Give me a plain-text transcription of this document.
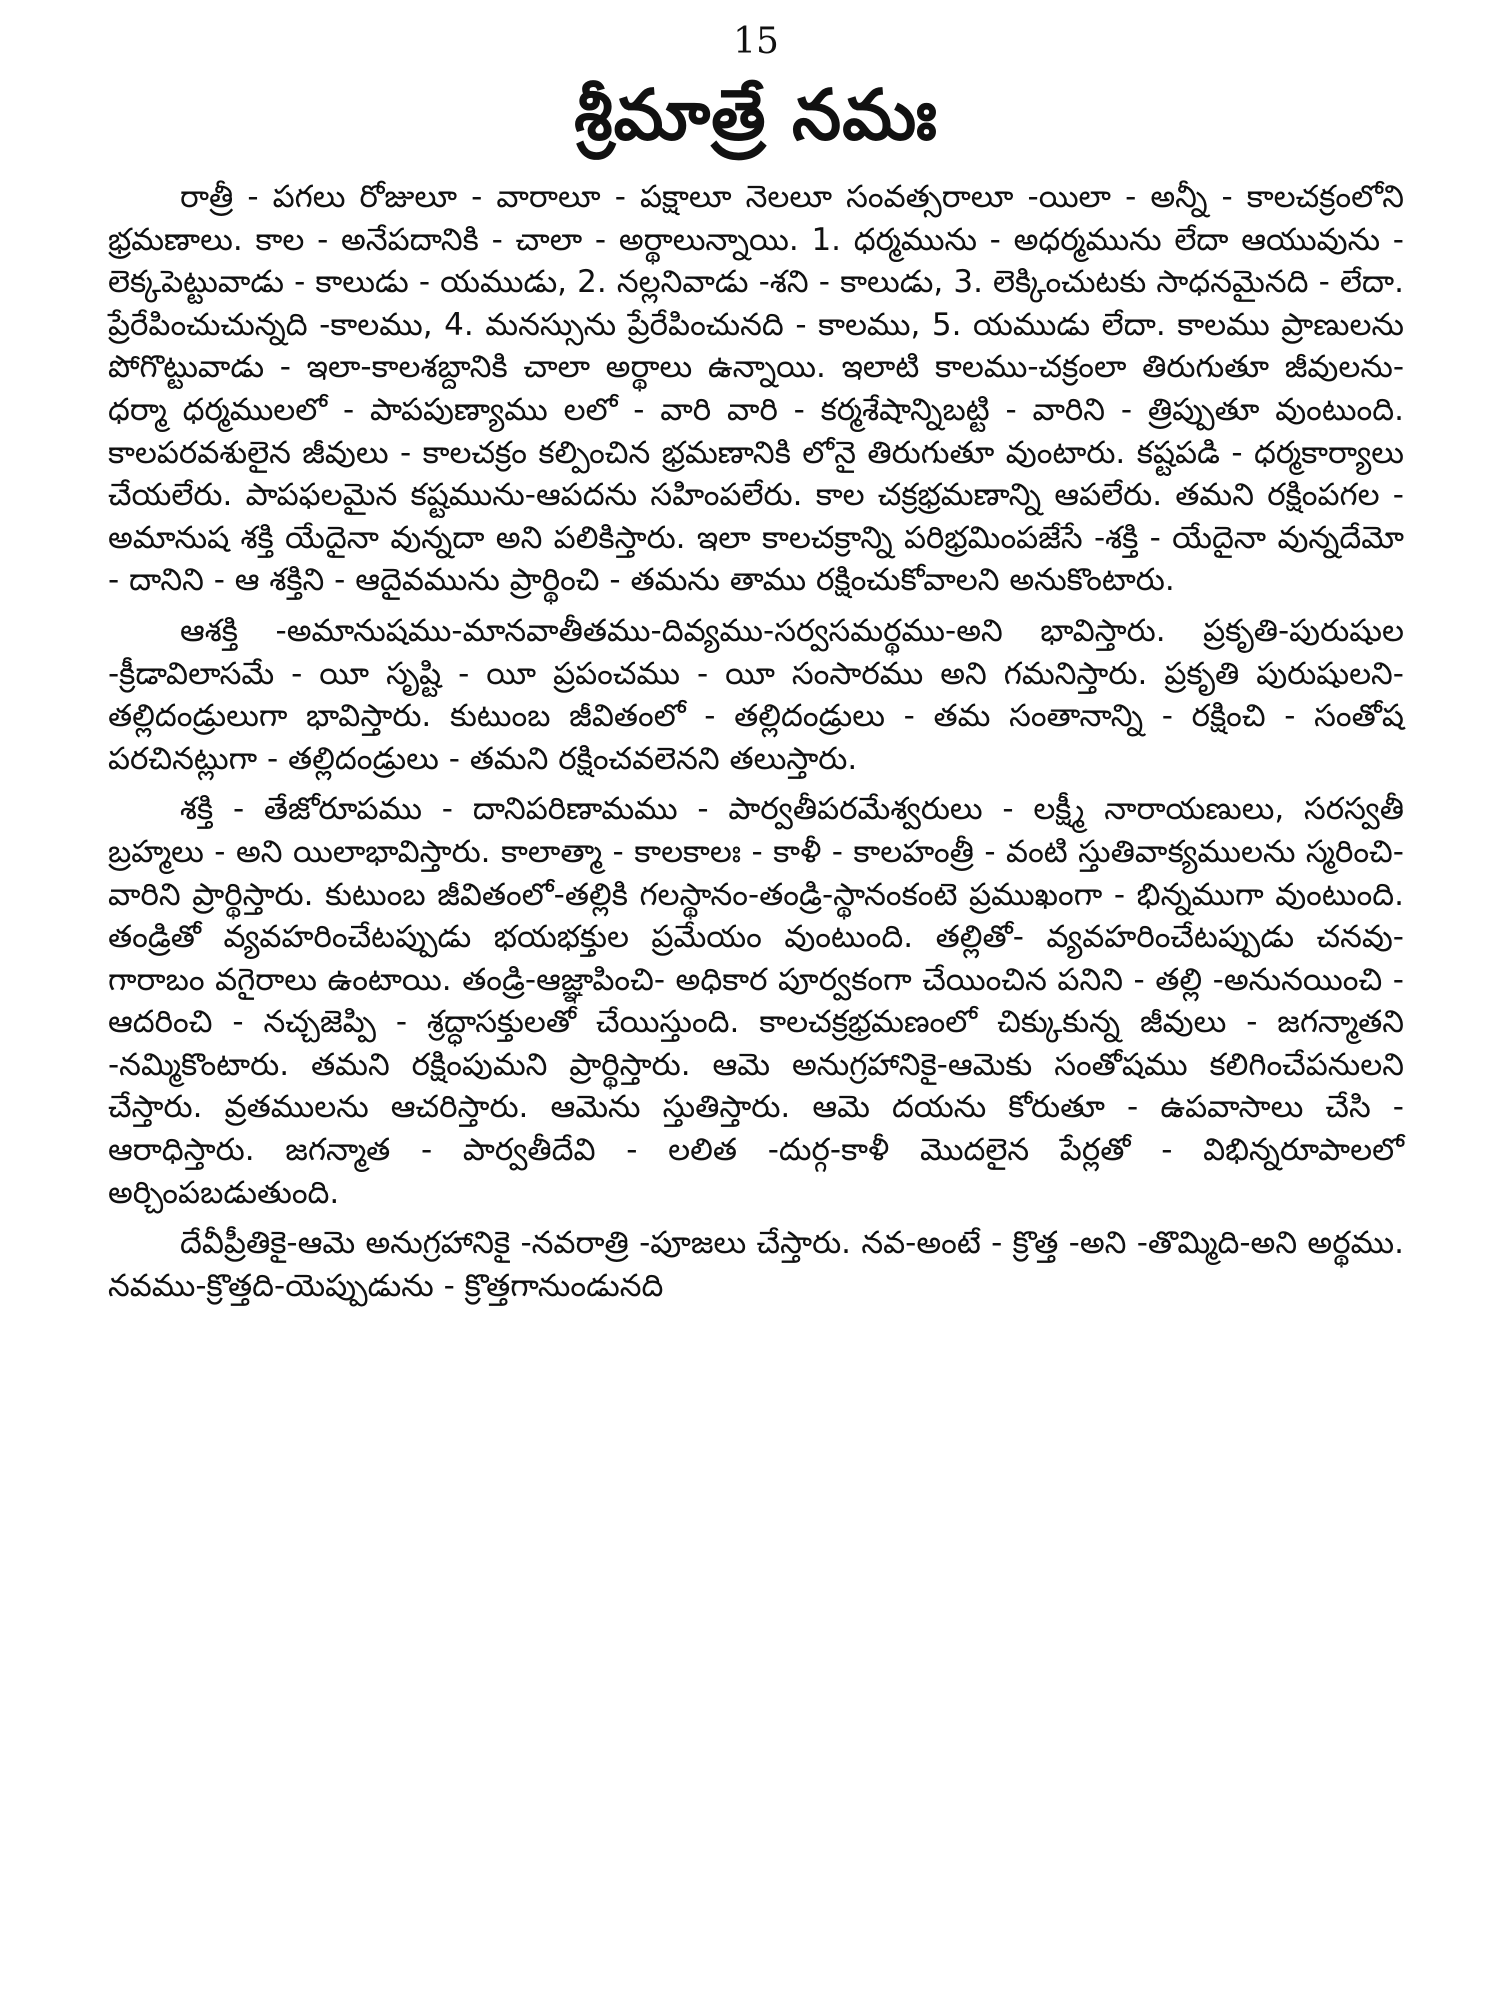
15
శ్రీమాత్రే నమః

రాత్రీ - పగలు రోజులూ - వారాలూ - పక్షాలూ నెలలూ సంవత్సరాలూ -యిలా - అన్నీ - కాలచక్రంలోని భ్రమణాలు. కాల - అనేపదానికి - చాలా - అర్థాలున్నాయి. 1. ధర్మమును - అధర్మమును లేదా ఆయువును - లెక్కపెట్టువాడు - కాలుడు - యముడు, 2. నల్లనివాడు -శని - కాలుడు, 3. లెక్కించుటకు సాధనమైనది - లేదా. ప్రేరేపించుచున్నది -కాలము, 4. మనస్సును ప్రేరేపించునది - కాలము, 5. యముడు లేదా. కాలము ప్రాణులను పోగొట్టువాడు - ఇలా-కాలశబ్దానికి చాలా అర్థాలు ఉన్నాయి. ఇలాటి కాలము-చక్రంలా తిరుగుతూ జీవులను-ధర్మా ధర్మములలో - పాపపుణ్యాము లలో - వారి వారి - కర్మశేషాన్నిబట్టి - వారిని - త్రిప్పుతూ వుంటుంది. కాలపరవశులైన జీవులు - కాలచక్రం కల్పించిన భ్రమణానికి లోనై తిరుగుతూ వుంటారు. కష్టపడి - ధర్మకార్యాలు చేయలేరు. పాపఫలమైన కష్టమును-ఆపదను సహింపలేరు. కాల చక్రభ్రమణాన్ని ఆపలేరు. తమని రక్షింపగల - అమానుష శక్తి యేదైనా వున్నదా అని పలికిస్తారు. ఇలా కాలచక్రాన్ని పరిభ్రమింపజేసే -శక్తి - యేదైనా వున్నదేమో - దానిని - ఆ శక్తిని - ఆదైవమును ప్రార్థించి - తమను తాము రక్షించుకోవాలని అనుకొంటారు.

ఆశక్తి -అమానుషము-మానవాతీతము-దివ్యము-సర్వసమర్థము-అని భావిస్తారు. ప్రకృతి-పురుషుల -క్రీడావిలాసమే - యీ సృష్టి - యీ ప్రపంచము - యీ సంసారము అని గమనిస్తారు. ప్రకృతి పురుషులని-తల్లిదండ్రులుగా భావిస్తారు. కుటుంబ జీవితంలో - తల్లిదండ్రులు - తమ సంతానాన్ని - రక్షించి - సంతోష పరచినట్లుగా - తల్లిదండ్రులు - తమని రక్షించవలెనని తలుస్తారు.

శక్తి - తేజోరూపము - దానిపరిణామము - పార్వతీపరమేశ్వరులు - లక్ష్మీ నారాయణులు, సరస్వతీ బ్రహ్మలు - అని యిలాభావిస్తారు. కాలాత్మా - కాలకాలః - కాళీ - కాలహంత్రీ - వంటి స్తుతివాక్యములను స్మరించి-వారిని ప్రార్థిస్తారు. కుటుంబ జీవితంలో-తల్లికి గలస్థానం-తండ్రి-స్థానంకంటె ప్రముఖంగా - భిన్నముగా వుంటుంది. తండ్రితో వ్యవహరించేటప్పుడు భయభక్తుల ప్రమేయం వుంటుంది. తల్లితో- వ్యవహరించేటప్పుడు చనవు-గారాబం వగైరాలు ఉంటాయి. తండ్రి-ఆజ్ఞాపించి- అధికార పూర్వకంగా చేయించిన పనిని - తల్లి -అనునయించి - ఆదరించి - నచ్చజెప్పి - శ్రద్ధాసక్తులతో చేయిస్తుంది. కాలచక్రభ్రమణంలో చిక్కుకున్న జీవులు - జగన్మాతని -నమ్మికొంటారు. తమని రక్షింపుమని ప్రార్థిస్తారు. ఆమె అనుగ్రహానికై-ఆమెకు సంతోషము కలిగించేపనులని చేస్తారు. వ్రతములను ఆచరిస్తారు. ఆమెను స్తుతిస్తారు. ఆమె దయను కోరుతూ - ఉపవాసాలు చేసి - ఆరాధిస్తారు. జగన్మాత - పార్వతీదేవి - లలిత -దుర్గ-కాళీ మొదలైన పేర్లతో - విభిన్నరూపాలలో అర్చింపబడుతుంది.

దేవీప్రీతికై-ఆమె అనుగ్రహానికై -నవరాత్రి -పూజలు చేస్తారు. నవ-అంటే - క్రొత్త -అని -తొమ్మిది-అని అర్థము. నవము-క్రొత్తది-యెప్పుడును - క్రొత్తగానుండునది
